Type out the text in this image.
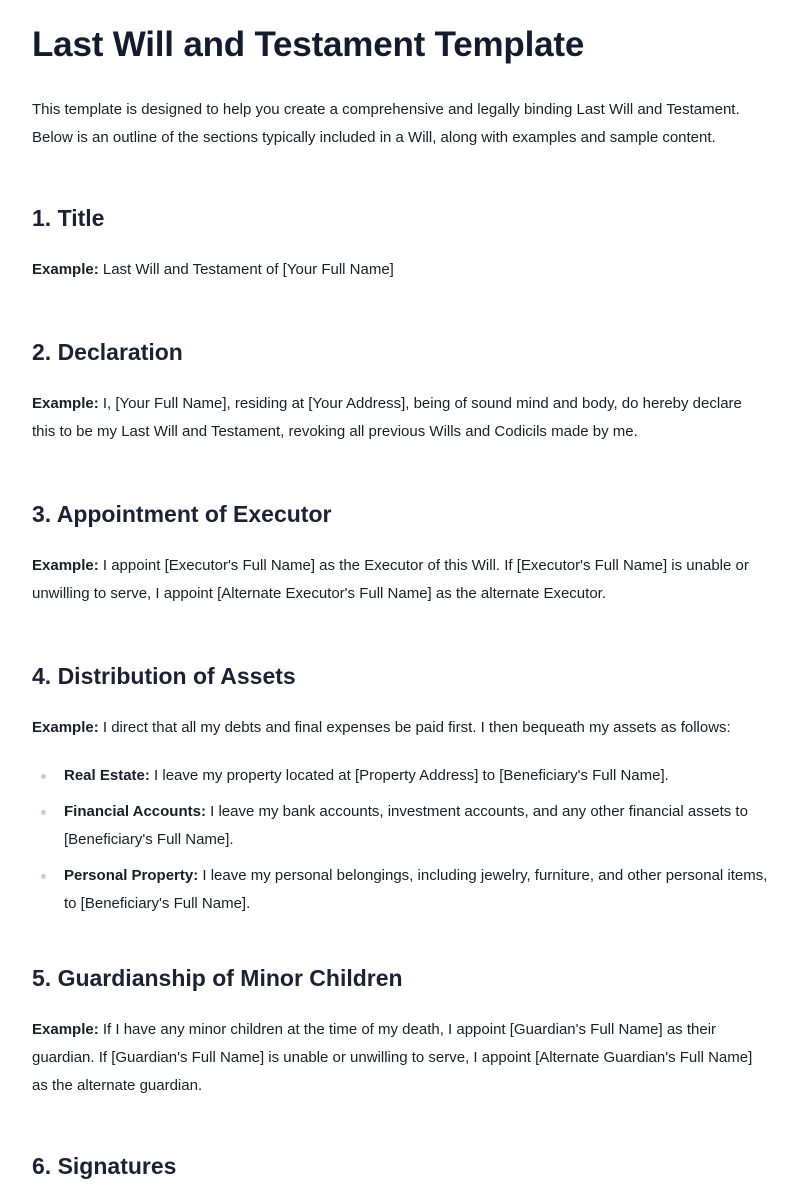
Last Will and Testament Template

This template is designed to help you create a comprehensive and legally binding Last Will and Testament. Below is an outline of the sections typically included in a Will, along with examples and sample content.

1. Title

Example: Last Will and Testament of [Your Full Name]

2. Declaration

Example: I, [Your Full Name], residing at [Your Address], being of sound mind and body, do hereby declare this to be my Last Will and Testament, revoking all previous Wills and Codicils made by me.

3. Appointment of Executor

Example: I appoint [Executor's Full Name] as the Executor of this Will. If [Executor's Full Name] is unable or unwilling to serve, I appoint [Alternate Executor's Full Name] as the alternate Executor.

4. Distribution of Assets

Example: I direct that all my debts and final expenses be paid first. I then bequeath my assets as follows:

Real Estate: I leave my property located at [Property Address] to [Beneficiary's Full Name].
Financial Accounts: I leave my bank accounts, investment accounts, and any other financial assets to [Beneficiary's Full Name].
Personal Property: I leave my personal belongings, including jewelry, furniture, and other personal items, to [Beneficiary's Full Name].
5. Guardianship of Minor Children

Example: If I have any minor children at the time of my death, I appoint [Guardian's Full Name] as their guardian. If [Guardian's Full Name] is unable or unwilling to serve, I appoint [Alternate Guardian's Full Name] as the alternate guardian.

6. Signatures
